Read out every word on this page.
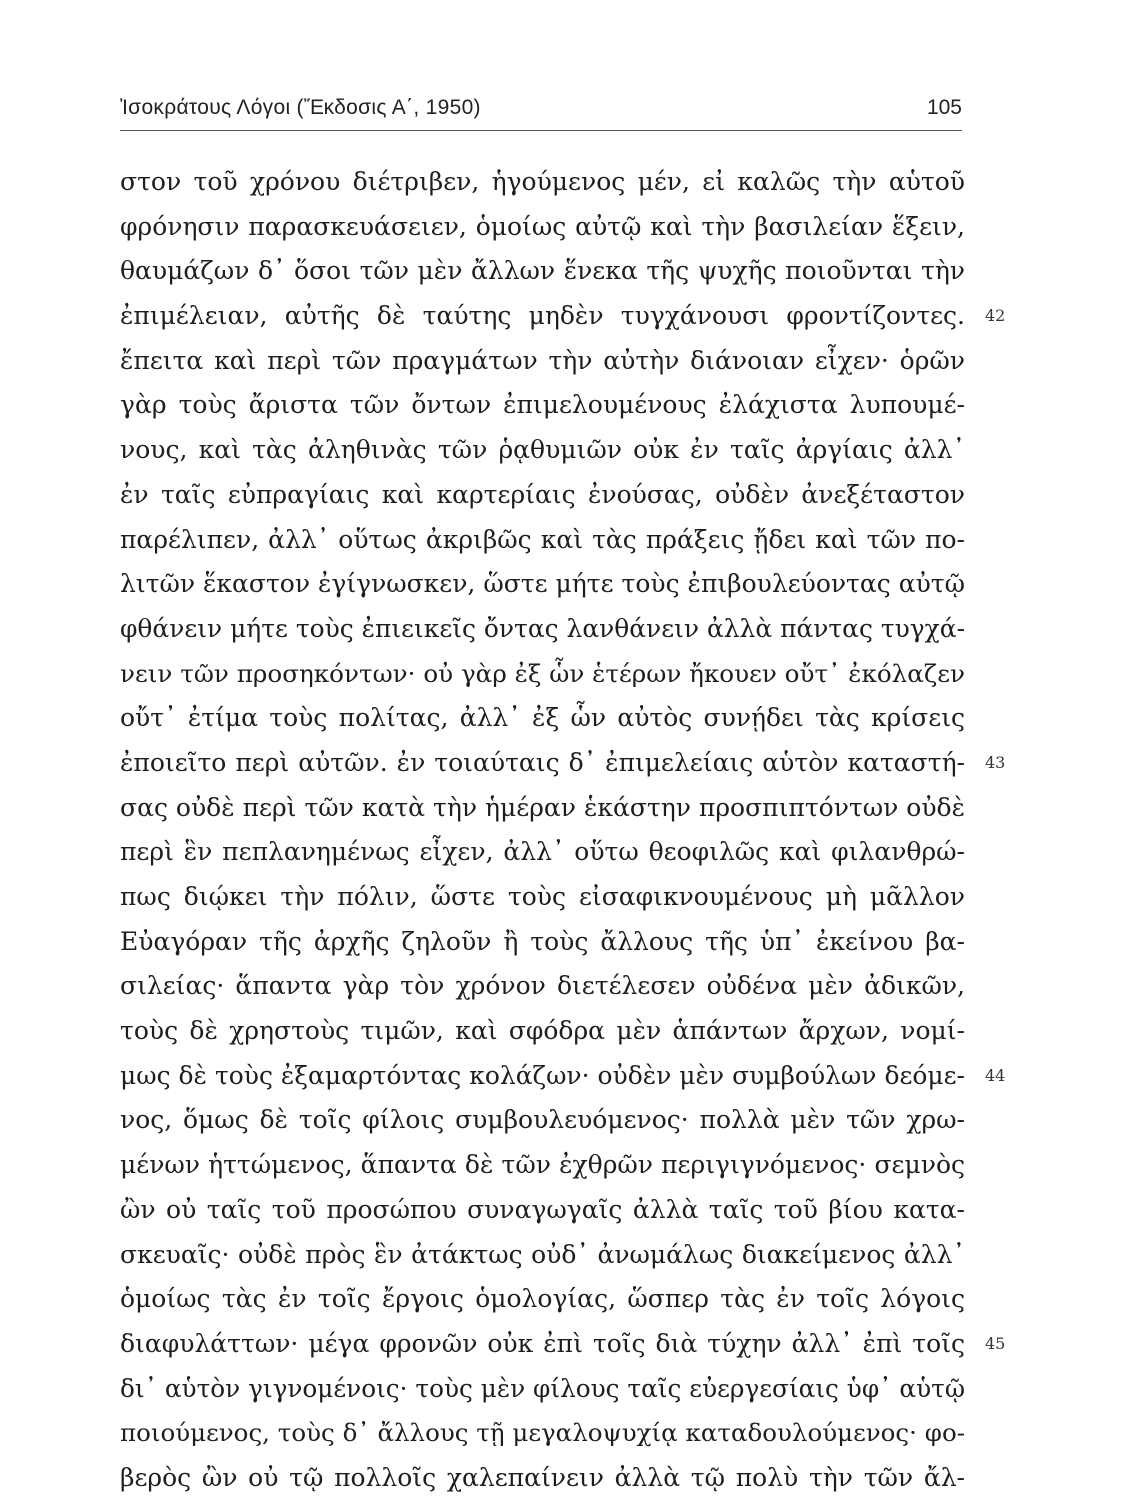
Ἰσοκράτους Λόγοι (Ἔκδοσις Α΄, 1950)	105
στον τοῦ χρόνου διέτριβεν, ἡγούμενος μέν, εἰ καλῶς τὴν αὑτοῦ
φρόνησιν παρασκευάσειεν, ὁμοίως αὐτῷ καὶ τὴν βασιλείαν ἕξειν,
θαυμάζων δ᾽ ὅσοι τῶν μὲν ἄλλων ἕνεκα τῆς ψυχῆς ποιοῦνται τὴν
ἐπιμέλειαν, αὐτῆς δὲ ταύτης μηδὲν τυγχάνουσι φροντίζοντες. 42
ἔπειτα καὶ περὶ τῶν πραγμάτων τὴν αὐτὴν διάνοιαν εἶχεν· ὁρῶν
γὰρ τοὺς ἄριστα τῶν ὄντων ἐπιμελουμένους ἐλάχιστα λυπουμέ-
νους, καὶ τὰς ἀληθινὰς τῶν ῥᾳθυμιῶν οὐκ ἐν ταῖς ἀργίαις ἀλλ᾽
ἐν ταῖς εὐπραγίαις καὶ καρτερίαις ἐνούσας, οὐδὲν ἀνεξέταστον
παρέλιπεν, ἀλλ᾽ οὕτως ἀκριβῶς καὶ τὰς πράξεις ᾔδει καὶ τῶν πο-
λιτῶν ἕκαστον ἐγίγνωσκεν, ὥστε μήτε τοὺς ἐπιβουλεύοντας αὐτῷ
φθάνειν μήτε τοὺς ἐπιεικεῖς ὄντας λανθάνειν ἀλλὰ πάντας τυγχά-
νειν τῶν προσηκόντων· οὐ γὰρ ἐξ ὧν ἑτέρων ἤκουεν οὔτ᾽ ἐκόλαζεν
οὔτ᾽ ἐτίμα τοὺς πολίτας, ἀλλ᾽ ἐξ ὧν αὐτὸς συνῄδει τὰς κρίσεις
ἐποιεῖτο περὶ αὐτῶν. ἐν τοιαύταις δ᾽ ἐπιμελείαις αὑτὸν καταστή- 43
σας οὐδὲ περὶ τῶν κατὰ τὴν ἡμέραν ἑκάστην προσπιπτόντων οὐδὲ
περὶ ἓν πεπλανημένως εἶχεν, ἀλλ᾽ οὕτω θεοφιλῶς καὶ φιλανθρώ-
πως διῴκει τὴν πόλιν, ὥστε τοὺς εἰσαφικνουμένους μὴ μᾶλλον
Εὐαγόραν τῆς ἀρχῆς ζηλοῦν ἢ τοὺς ἄλλους τῆς ὑπ᾽ ἐκείνου βα-
σιλείας· ἅπαντα γὰρ τὸν χρόνον διετέλεσεν οὐδένα μὲν ἀδικῶν,
τοὺς δὲ χρηστοὺς τιμῶν, καὶ σφόδρα μὲν ἁπάντων ἄρχων, νομί-
μως δὲ τοὺς ἐξαμαρτόντας κολάζων· οὐδὲν μὲν συμβούλων δεόμε- 44
νος, ὅμως δὲ τοῖς φίλοις συμβουλευόμενος· πολλὰ μὲν τῶν χρω-
μένων ἡττώμενος, ἅπαντα δὲ τῶν ἐχθρῶν περιγιγνόμενος· σεμνὸς
ὢν οὐ ταῖς τοῦ προσώπου συναγωγαῖς ἀλλὰ ταῖς τοῦ βίου κατα-
σκευαῖς· οὐδὲ πρὸς ἓν ἀτάκτως οὐδ᾽ ἀνωμάλως διακείμενος ἀλλ᾽
ὁμοίως τὰς ἐν τοῖς ἔργοις ὁμολογίας, ὥσπερ τὰς ἐν τοῖς λόγοις
διαφυλάττων· μέγα φρονῶν οὐκ ἐπὶ τοῖς διὰ τύχην ἀλλ᾽ ἐπὶ τοῖς 45
δι᾽ αὑτὸν γιγνομένοις· τοὺς μὲν φίλους ταῖς εὐεργεσίαις ὑφ᾽ αὑτῷ
ποιούμενος, τοὺς δ᾽ ἄλλους τῇ μεγαλοψυχίᾳ καταδουλούμενος· φο-
βερὸς ὢν οὐ τῷ πολλοῖς χαλεπαίνειν ἀλλὰ τῷ πολὺ τὴν τῶν ἄλ-
